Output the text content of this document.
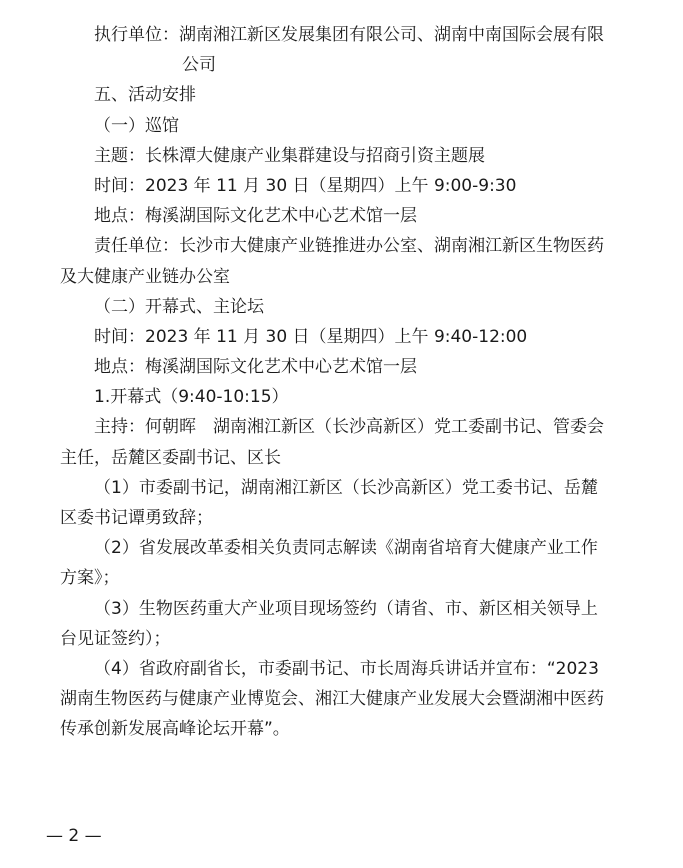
执行单位：湖南湘江新区发展集团有限公司、湖南中南国际会展有限
公司
五、活动安排
（一）巡馆
主题：长株潭大健康产业集群建设与招商引资主题展
时间：2023 年 11 月 30 日（星期四）上午 9:00-9:30
地点：梅溪湖国际文化艺术中心艺术馆一层
责任单位：长沙市大健康产业链推进办公室、湖南湘江新区生物医药
及大健康产业链办公室
（二）开幕式、主论坛
时间：2023 年 11 月 30 日（星期四）上午 9:40-12:00
地点：梅溪湖国际文化艺术中心艺术馆一层
1.开幕式（9:40-10:15）
主持：何朝晖　湖南湘江新区（长沙高新区）党工委副书记、管委会
主任，岳麓区委副书记、区长
（1）市委副书记，湖南湘江新区（长沙高新区）党工委书记、岳麓
区委书记谭勇致辞；
（2）省发展改革委相关负责同志解读《湖南省培育大健康产业工作
方案》；
（3）生物医药重大产业项目现场签约（请省、市、新区相关领导上
台见证签约）；
（4）省政府副省长，市委副书记、市长周海兵讲话并宣布：“2023
湖南生物医药与健康产业博览会、湘江大健康产业发展大会暨湖湘中医药
传承创新发展高峰论坛开幕”。
— 2 —
